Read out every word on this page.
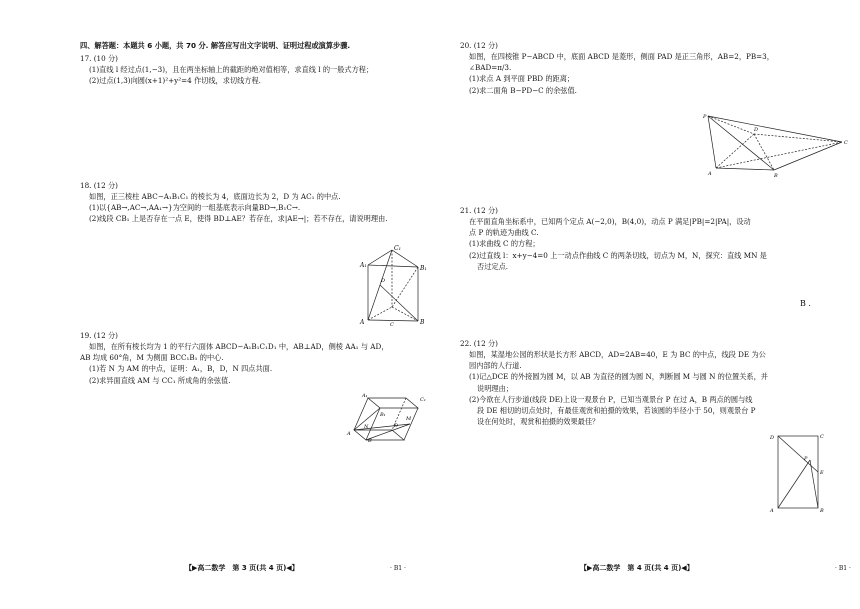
四、解答题：本题共 6 小题，共 70 分. 解答应写出文字说明、证明过程或演算步骤.
17. (10 分)
(1)直线 l 经过点(1,−3)，且在两坐标轴上的截距的绝对值相等，求直线 l 的一般式方程；
(2)过点(1,3)向圆(x+1)²+y²=4 作切线，求切线方程.
18. (12 分)
如图，正三棱柱 ABC−A₁B₁C₁ 的棱长为 4，底面边长为 2，D 为 AC₁ 的中点.
(1)以{AB→,AC→,AA₁→}为空间的一组基底表示向量BD→,B₁C→.
(2)线段 CB₁ 上是否存在一点 E，使得 BD⊥AE？若存在，求|AE→|；若不存在，请说明理由.
A₁	B₁
C₁
A	B
C
D
19. (12 分)
如图，在所有棱长均为 1 的平行六面体 ABCD−A₁B₁C₁D₁ 中，AB⊥AD，侧棱 AA₁ 与 AD，
AB 均成 60°角，M 为侧面 BCC₁B₁ 的中心.
(1)若 N 为 AM 的中点，证明：A₁，B，D，N 四点共面.
(2)求异面直线 AM 与 CC₁ 所成角的余弦值.
A₁
B₁
C₁
A
B
D
N
M
【▶高二数学　第 3 页(共 4 页)◀】	· B1 ·
20. (12 分)
如图，在四棱锥 P−ABCD 中，底面 ABCD 是菱形，侧面 PAD 是正三角形，AB=2，PB=3，
∠BAD=π/3.
(1)求点 A 到平面 PBD 的距离；
(2)求二面角 B−PD−C 的余弦值.
P
A	B
C
D
21. (12 分)
在平面直角坐标系中，已知两个定点 A(−2,0)，B(4,0)，动点 P 满足|PB|=2|PA|，设动
点 P 的轨迹为曲线 C.
(1)求曲线 C 的方程；
(2)过直线 l：x+y−4=0 上一动点作曲线 C 的两条切线，切点为 M，N，探究：直线 MN 是
否过定点.
B .
22. (12 分)
如图，某湿地公园的形状是长方形 ABCD，AD=2AB=40，E 为 BC 的中点，线段 DE 为公
园内部的人行道.
(1)记△DCE 的外接圆为圆 M，以 AB 为直径的圆为圆 N，判断圆 M 与圆 N 的位置关系，并
说明理由；
(2)今欲在人行步道(线段 DE)上设一观景台 P，已知当观景台 P 在过 A，B 两点的圆与线
段 DE 相切的切点处时，有最佳观赏和拍摄的效果，若该圆的半径小于 50，则观景台 P
设在何处时，观赏和拍摄的效果最佳？
D	C
P
E
A	B
【▶高二数学　第 4 页(共 4 页)◀】	· B1 ·
